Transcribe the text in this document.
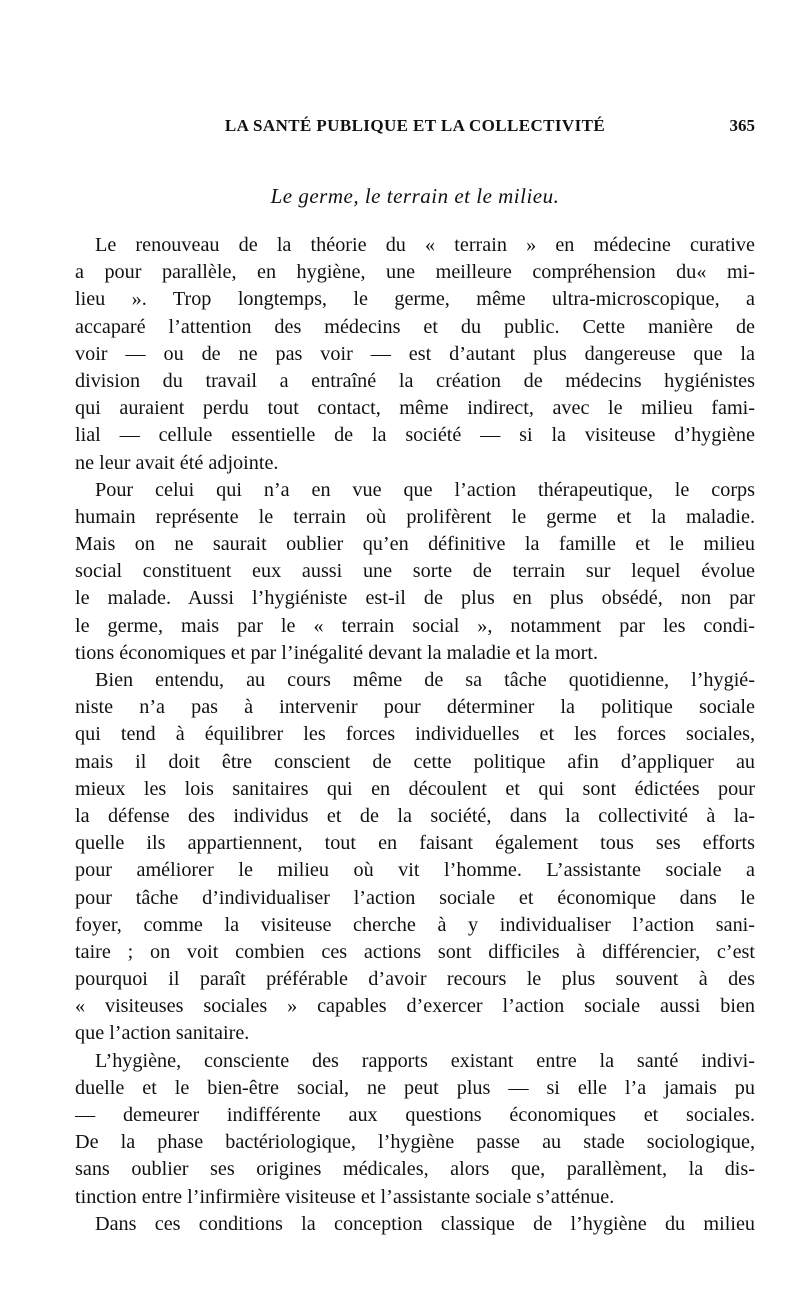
LA SANTÉ PUBLIQUE ET LA COLLECTIVITÉ	365
Le germe, le terrain et le milieu.
Le renouveau de la théorie du « terrain » en médecine curative
a pour parallèle, en hygiène, une meilleure compréhension du« mi-
lieu ». Trop longtemps, le germe, même ultra-microscopique, a
accaparé l’attention des médecins et du public. Cette manière de
voir — ou de ne pas voir — est d’autant plus dangereuse que la
division du travail a entraîné la création de médecins hygiénistes
qui auraient perdu tout contact, même indirect, avec le milieu fami-
lial — cellule essentielle de la société — si la visiteuse d’hygiène
ne leur avait été adjointe.
Pour celui qui n’a en vue que l’action thérapeutique, le corps
humain représente le terrain où prolifèrent le germe et la maladie.
Mais on ne saurait oublier qu’en définitive la famille et le milieu
social constituent eux aussi une sorte de terrain sur lequel évolue
le malade. Aussi l’hygiéniste est-il de plus en plus obsédé, non par
le germe, mais par le « terrain social », notamment par les condi-
tions économiques et par l’inégalité devant la maladie et la mort.
Bien entendu, au cours même de sa tâche quotidienne, l’hygié-
niste n’a pas à intervenir pour déterminer la politique sociale
qui tend à équilibrer les forces individuelles et les forces sociales,
mais il doit être conscient de cette politique afin d’appliquer au
mieux les lois sanitaires qui en découlent et qui sont édictées pour
la défense des individus et de la société, dans la collectivité à la-
quelle ils appartiennent, tout en faisant également tous ses efforts
pour améliorer le milieu où vit l’homme. L’assistante sociale a
pour tâche d’individualiser l’action sociale et économique dans le
foyer, comme la visiteuse cherche à y individualiser l’action sani-
taire ; on voit combien ces actions sont difficiles à différencier, c’est
pourquoi il paraît préférable d’avoir recours le plus souvent à des
« visiteuses sociales » capables d’exercer l’action sociale aussi bien
que l’action sanitaire.
L’hygiène, consciente des rapports existant entre la santé indivi-
duelle et le bien-être social, ne peut plus — si elle l’a jamais pu
— demeurer indifférente aux questions économiques et sociales.
De la phase bactériologique, l’hygiène passe au stade sociologique,
sans oublier ses origines médicales, alors que, parallèment, la dis-
tinction entre l’infirmière visiteuse et l’assistante sociale s’atténue.
Dans ces conditions la conception classique de l’hygiène du milieu
